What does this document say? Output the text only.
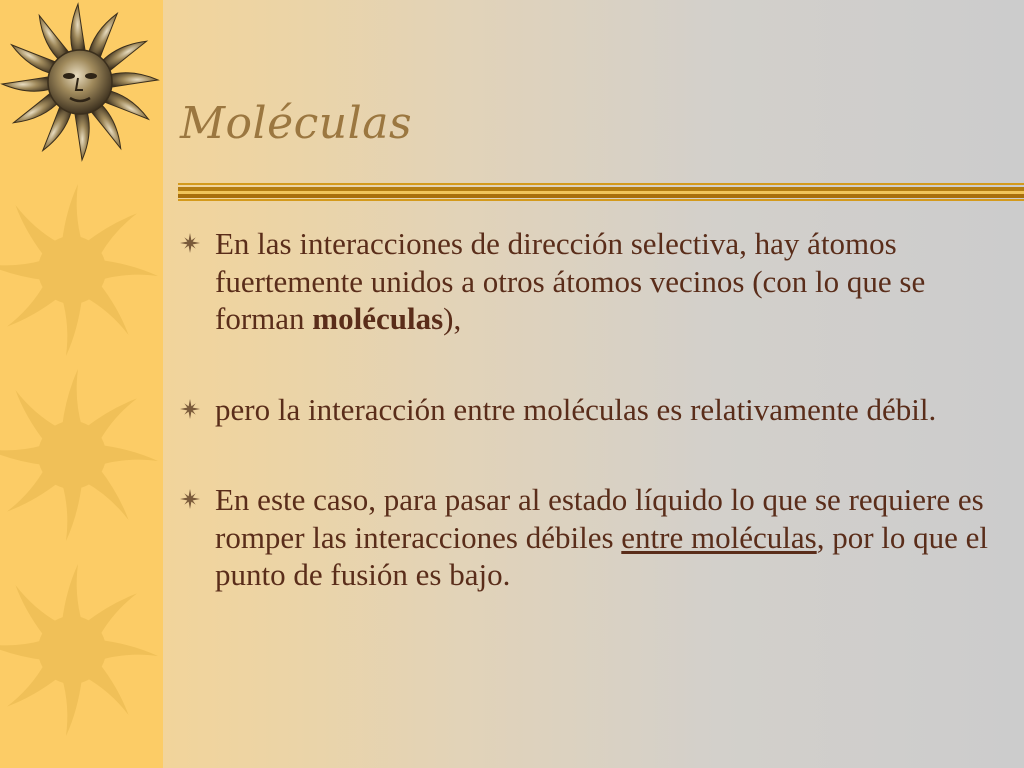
Moléculas
En las interacciones de dirección selectiva, hay átomos fuertemente unidos a otros átomos vecinos (con lo que se forman moléculas),
pero la interacción entre moléculas es relativamente débil.
En este caso, para pasar al estado líquido lo que se requiere es romper las interacciones débiles entre moléculas, por lo que el punto de fusión es bajo.
